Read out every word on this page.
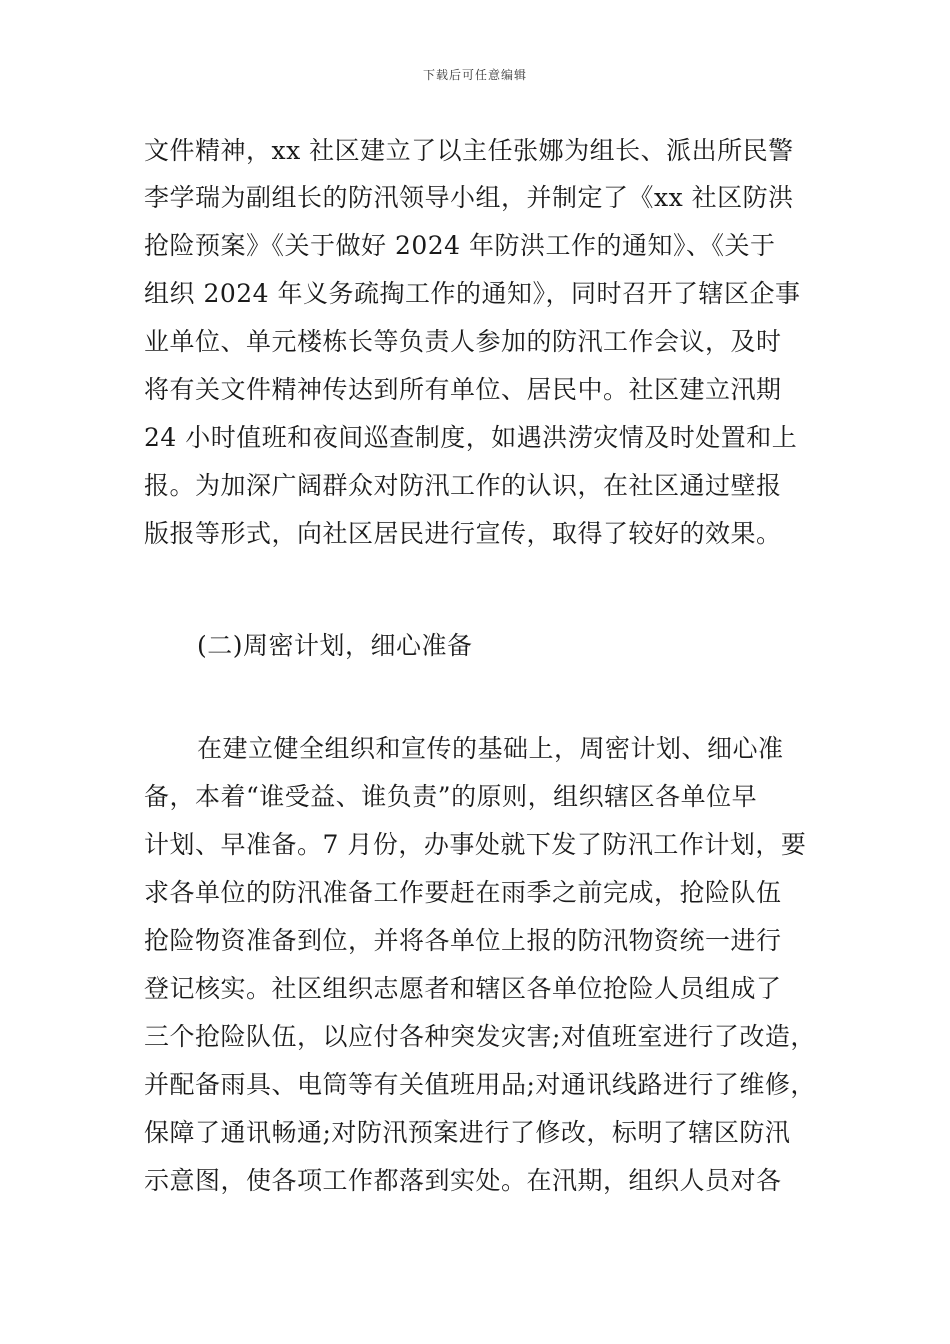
下载后可任意编辑
文件精神，xx 社区建立了以主任张娜为组长、派出所民警
李学瑞为副组长的防汛领导小组，并制定了《xx 社区防洪
抢险预案》《关于做好 2024 年防洪工作的通知》、《关于
组织 2024 年义务疏掏工作的通知》，同时召开了辖区企事
业单位、单元楼栋长等负责人参加的防汛工作会议，及时
将有关文件精神传达到所有单位、居民中。社区建立汛期
24 小时值班和夜间巡查制度，如遇洪涝灾情及时处置和上
报。为加深广阔群众对防汛工作的认识，在社区通过壁报
版报等形式，向社区居民进行宣传，取得了较好的效果。
(二)周密计划，细心准备
在建立健全组织和宣传的基础上，周密计划、细心准
备，本着“谁受益、谁负责”的原则，组织辖区各单位早
计划、早准备。7 月份，办事处就下发了防汛工作计划，要
求各单位的防汛准备工作要赶在雨季之前完成，抢险队伍
抢险物资准备到位，并将各单位上报的防汛物资统一进行
登记核实。社区组织志愿者和辖区各单位抢险人员组成了
三个抢险队伍，以应付各种突发灾害;对值班室进行了改造，
并配备雨具、电筒等有关值班用品;对通讯线路进行了维修，
保障了通讯畅通;对防汛预案进行了修改，标明了辖区防汛
示意图，使各项工作都落到实处。在汛期，组织人员对各
